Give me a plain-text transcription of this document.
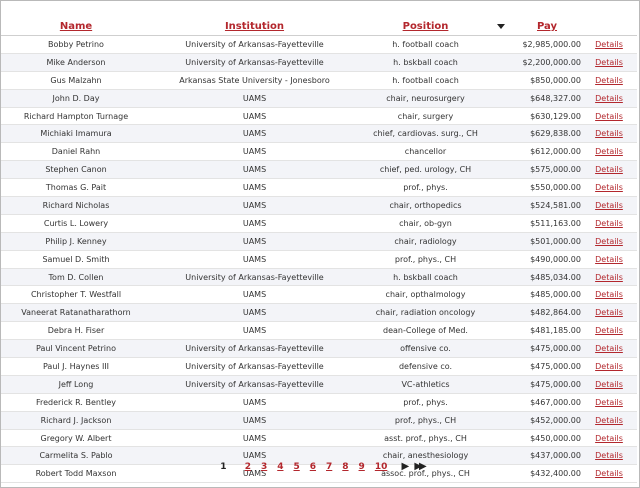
Name	Institution	Position	Pay

Bobby Petrino	University of Arkansas-Fayetteville	h. football coach	$2,985,000.00	Details
Mike Anderson	University of Arkansas-Fayetteville	h. bskball coach	$2,200,000.00	Details
Gus Malzahn	Arkansas State University - Jonesboro	h. football coach	$850,000.00	Details
John D. Day	UAMS	chair, neurosurgery	$648,327.00	Details
Richard Hampton Turnage	UAMS	chair, surgery	$630,129.00	Details
Michiaki Imamura	UAMS	chief, cardiovas. surg., CH	$629,838.00	Details
Daniel Rahn	UAMS	chancellor	$612,000.00	Details
Stephen Canon	UAMS	chief, ped. urology, CH	$575,000.00	Details
Thomas G. Pait	UAMS	prof., phys.	$550,000.00	Details
Richard Nicholas	UAMS	chair, orthopedics	$524,581.00	Details
Curtis L. Lowery	UAMS	chair, ob-gyn	$511,163.00	Details
Philip J. Kenney	UAMS	chair, radiology	$501,000.00	Details
Samuel D. Smith	UAMS	prof., phys., CH	$490,000.00	Details
Tom D. Collen	University of Arkansas-Fayetteville	h. bskball coach	$485,034.00	Details
Christopher T. Westfall	UAMS	chair, opthalmology	$485,000.00	Details
Vaneerat Ratanatharathorn	UAMS	chair, radiation oncology	$482,864.00	Details
Debra H. Fiser	UAMS	dean-College of Med.	$481,185.00	Details
Paul Vincent Petrino	University of Arkansas-Fayetteville	offensive co.	$475,000.00	Details
Paul J. Haynes III	University of Arkansas-Fayetteville	defensive co.	$475,000.00	Details
Jeff Long	University of Arkansas-Fayetteville	VC-athletics	$475,000.00	Details
Frederick R. Bentley	UAMS	prof., phys.	$467,000.00	Details
Richard J. Jackson	UAMS	prof., phys., CH	$452,000.00	Details
Gregory W. Albert	UAMS	asst. prof., phys., CH	$450,000.00	Details
Carmelita S. Pablo	UAMS	chair, anesthesiology	$437,000.00	Details
Robert Todd Maxson	UAMS	assoc. prof., phys., CH	$432,400.00	Details
1 2 3 4 5 6 7 8 9 10 ▶ ▶▶
